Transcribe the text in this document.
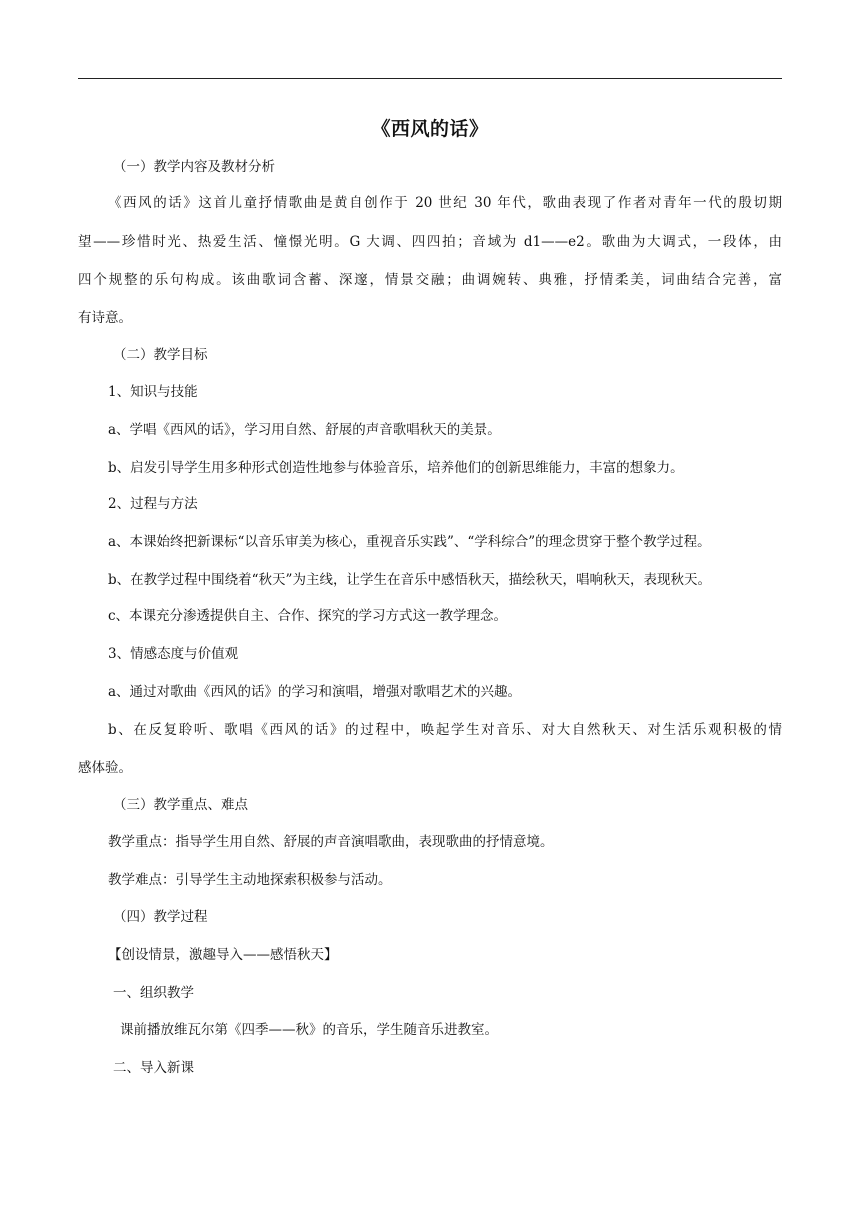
《西风的话》
（一）教学内容及教材分析
《西风的话》这首儿童抒情歌曲是黄自创作于 20 世纪 30 年代，歌曲表现了作者对青年一代的殷切期
望——珍惜时光、热爱生活、憧憬光明。G 大调、四四拍；音域为 d1——e2。歌曲为大调式，一段体，由
四个规整的乐句构成。该曲歌词含蓄、深邃，情景交融；曲调婉转、典雅，抒情柔美，词曲结合完善，富
有诗意。
（二）教学目标
1、知识与技能
a、学唱《西风的话》，学习用自然、舒展的声音歌唱秋天的美景。
b、启发引导学生用多种形式创造性地参与体验音乐，培养他们的创新思维能力，丰富的想象力。
2、过程与方法
a、本课始终把新课标“以音乐审美为核心，重视音乐实践”、“学科综合”的理念贯穿于整个教学过程。
b、在教学过程中围绕着“秋天”为主线，让学生在音乐中感悟秋天，描绘秋天，唱响秋天，表现秋天。
c、本课充分渗透提供自主、合作、探究的学习方式这一教学理念。
3、情感态度与价值观
a、通过对歌曲《西风的话》的学习和演唱，增强对歌唱艺术的兴趣。
b、在反复聆听、歌唱《西风的话》的过程中，唤起学生对音乐、对大自然秋天、对生活乐观积极的情
感体验。
（三）教学重点、难点
教学重点：指导学生用自然、舒展的声音演唱歌曲，表现歌曲的抒情意境。
教学难点：引导学生主动地探索积极参与活动。
（四）教学过程
【创设情景，激趣导入——感悟秋天】
一、组织教学
课前播放维瓦尔第《四季——秋》的音乐，学生随音乐进教室。
二、导入新课
